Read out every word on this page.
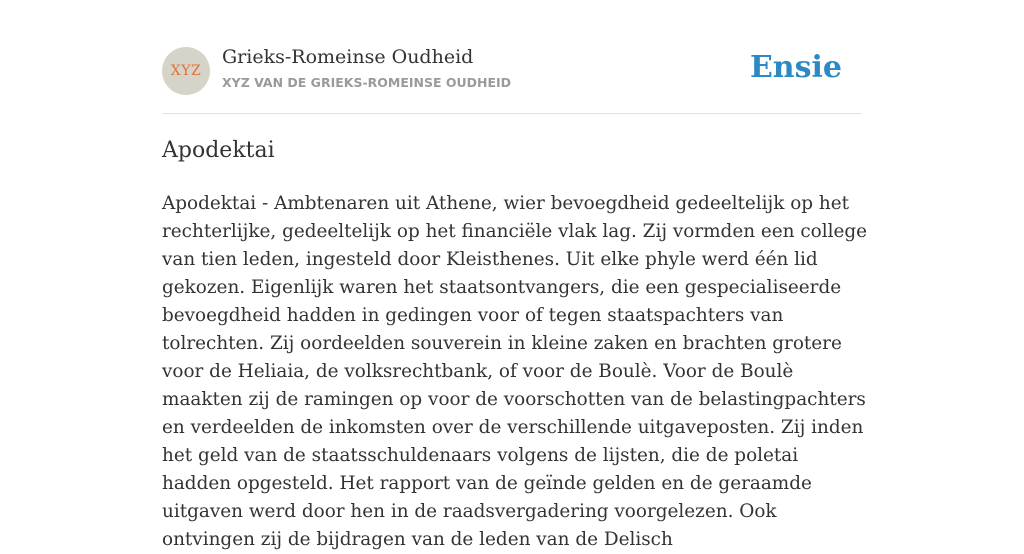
XYZ
Grieks-Romeinse Oudheid
XYZ VAN DE GRIEKS-ROMEINSE OUDHEID	Ensie
Apodektai

Apodektai - Ambtenaren uit Athene, wier bevoegdheid gedeeltelijk op het rechterlijke, gedeeltelijk op het financiële vlak lag. Zij vormden een college van tien leden, ingesteld door Kleisthenes. Uit elke phyle werd één lid gekozen. Eigenlijk waren het staatsontvangers, die een gespecialiseerde bevoegdheid hadden in gedingen voor of tegen staatspachters van tolrechten. Zij oordeelden souverein in kleine zaken en brachten grotere voor de Heliaia, de volksrechtbank, of voor de Boulè. Voor de Boulè maakten zij de ramingen op voor de voorschotten van de belastingpachters en verdeelden de inkomsten over de verschillende uitgaveposten. Zij inden het geld van de staatsschuldenaars volgens de lijsten, die de poletai hadden opgesteld. Het rapport van de geïnde gelden en de geraamde uitgaven werd door hen in de raadsvergadering voorgelezen. Ook ontvingen zij de bijdragen van de leden van de Delisch
